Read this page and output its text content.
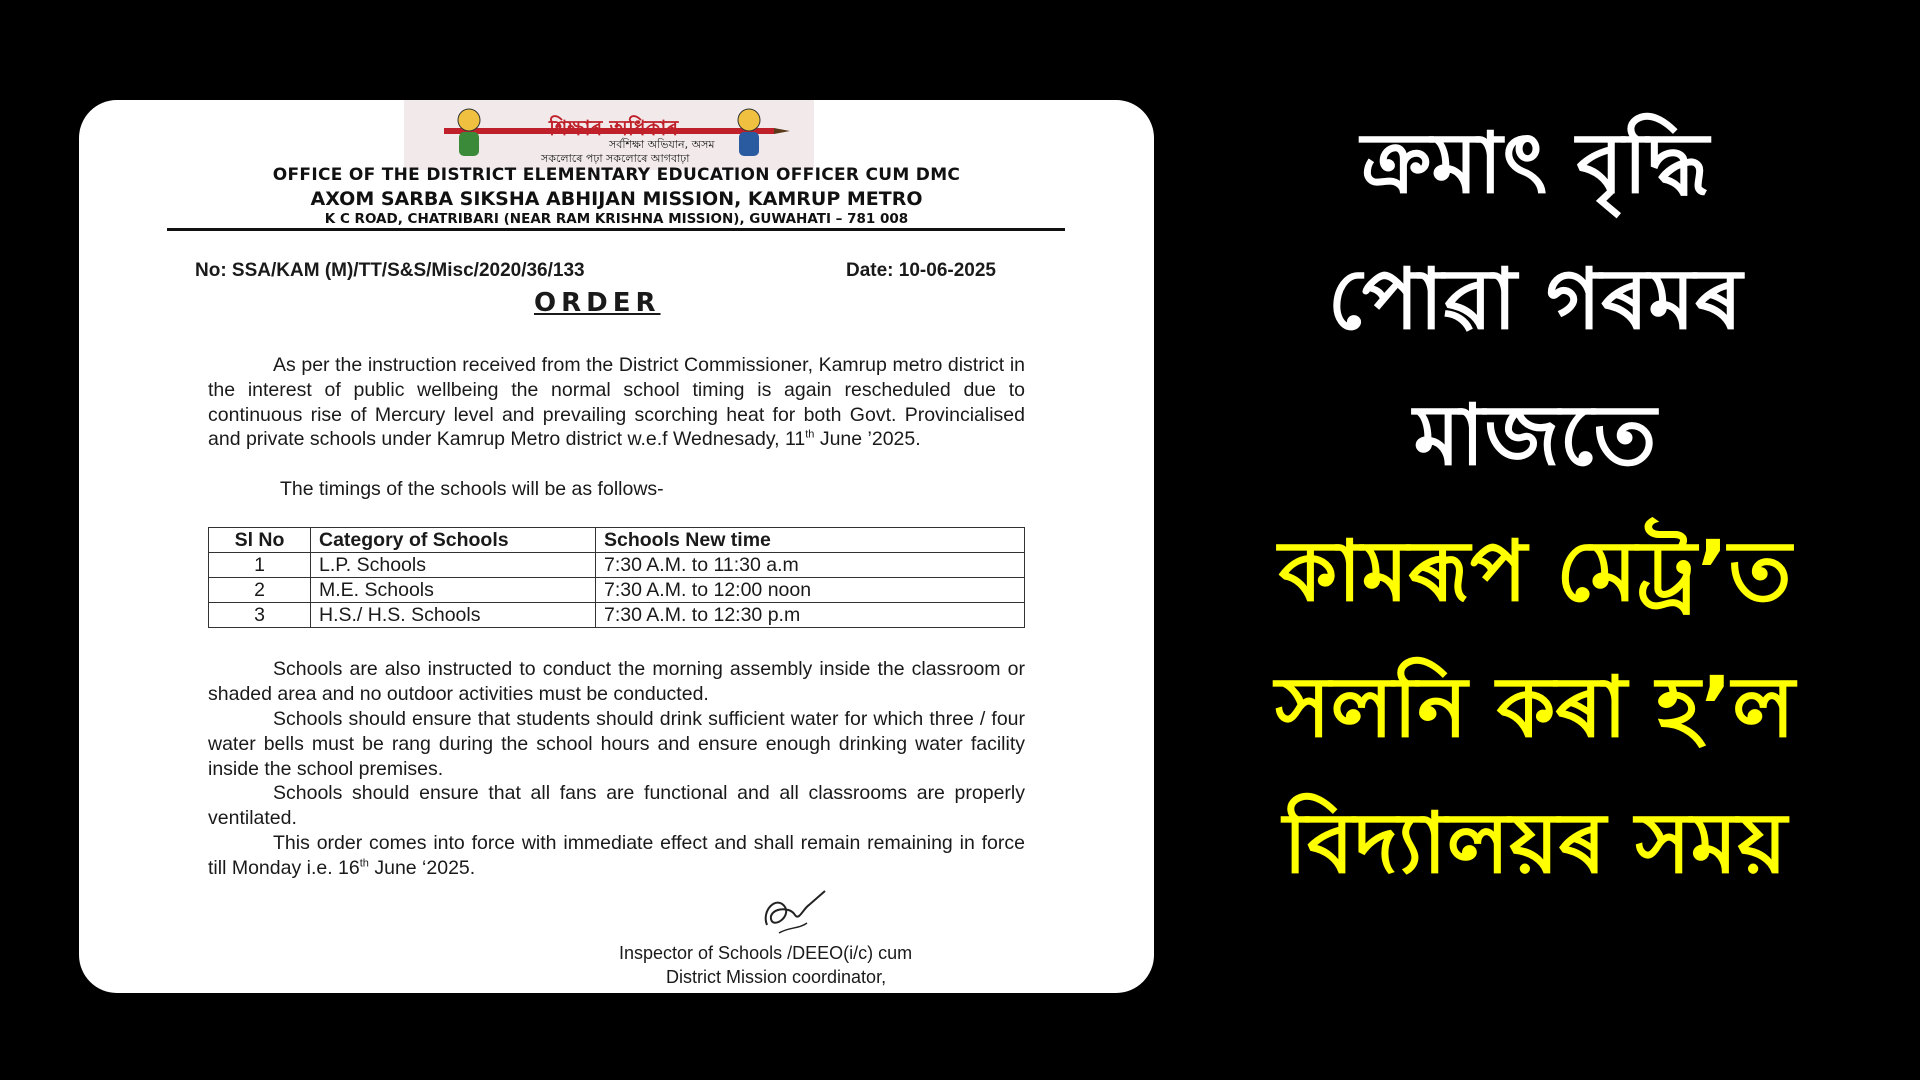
শিক্ষাৰ অধিকাৰ
সৰ্বশিক্ষা অভিযান, অসম
সকলোৰে পঢ়া সকলোৰে আগবাঢ়া
OFFICE OF THE DISTRICT ELEMENTARY EDUCATION OFFICER CUM DMC
AXOM SARBA SIKSHA ABHIJAN MISSION, KAMRUP METRO
K C ROAD, CHATRIBARI (NEAR RAM KRISHNA MISSION), GUWAHATI – 781 008
No: SSA/KAM (M)/TT/S&S/Misc/2020/36/133	Date: 10-06-2025
ORDER

As per the instruction received from the District Commissioner, Kamrup metro district in the interest of public wellbeing the normal school timing is again rescheduled due to continuous rise of Mercury level and prevailing scorching heat for both Govt. Provincialised and private schools under Kamrup Metro district w.e.f Wednesady, 11th June ’2025.

The timings of the schools will be as follows-

Sl No	Category of Schools	Schools New time
1	L.P. Schools	7:30 A.M. to 11:30 a.m
2	M.E. Schools	7:30 A.M. to 12:00 noon
3	H.S./ H.S. Schools	7:30 A.M. to 12:30 p.m

Schools are also instructed to conduct the morning assembly inside the classroom or shaded area and no outdoor activities must be conducted.

Schools should ensure that students should drink sufficient water for which three / four water bells must be rang during the school hours and ensure enough drinking water facility inside the school premises.

Schools should ensure that all fans are functional and all classrooms are properly ventilated.

This order comes into force with immediate effect and shall remain remaining in force till Monday i.e. 16th June ‘2025.

Inspector of Schools /DEEO(i/c) cum
District Mission coordinator,
ক্ৰমাৎ বৃদ্ধি
পোৱা গৰমৰ
মাজতে
কামৰূপ মেট্ৰ’ত
সলনি কৰা হ’ল
বিদ্যালয়ৰ সময়
